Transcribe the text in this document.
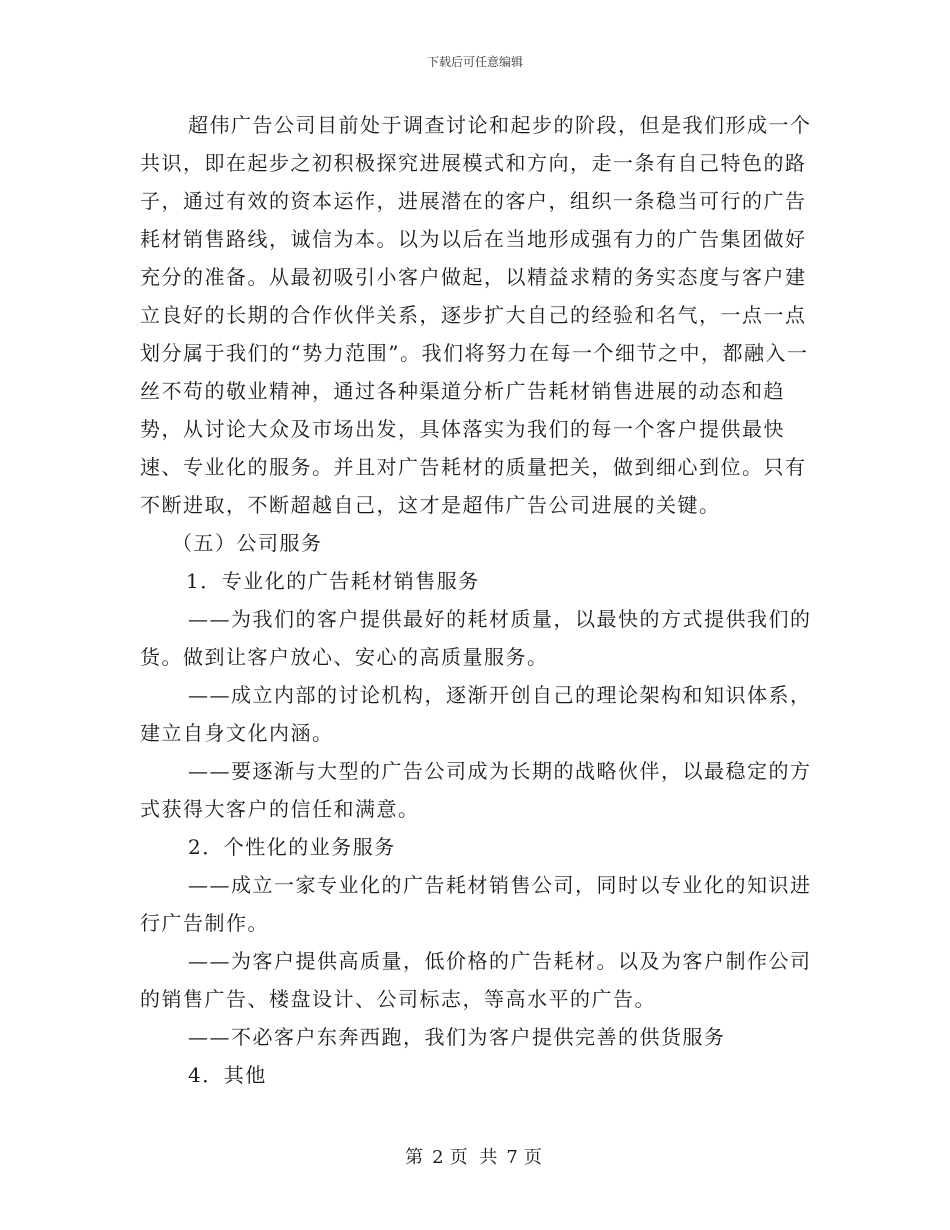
下载后可任意编辑

超伟广告公司目前处于调查讨论和起步的阶段，但是我们形成一个共识，即在起步之初积极探究进展模式和方向，走一条有自己特色的路子，通过有效的资本运作，进展潜在的客户，组织一条稳当可行的广告耗材销售路线，诚信为本。以为以后在当地形成强有力的广告集团做好充分的准备。从最初吸引小客户做起，以精益求精的务实态度与客户建立良好的长期的合作伙伴关系，逐步扩大自己的经验和名气，一点一点划分属于我们的“势力范围”。我们将努力在每一个细节之中，都融入一丝不苟的敬业精神，通过各种渠道分析广告耗材销售进展的动态和趋势，从讨论大众及市场出发，具体落实为我们的每一个客户提供最快速、专业化的服务。并且对广告耗材的质量把关，做到细心到位。只有不断进取，不断超越自己，这才是超伟广告公司进展的关键。

（五）公司服务

1．专业化的广告耗材销售服务

——为我们的客户提供最好的耗材质量，以最快的方式提供我们的货。做到让客户放心、安心的高质量服务。

——成立内部的讨论机构，逐渐开创自己的理论架构和知识体系，建立自身文化内涵。

——要逐渐与大型的广告公司成为长期的战略伙伴，以最稳定的方式获得大客户的信任和满意。

2．个性化的业务服务

——成立一家专业化的广告耗材销售公司，同时以专业化的知识进行广告制作。

——为客户提供高质量，低价格的广告耗材。以及为客户制作公司的销售广告、楼盘设计、公司标志，等高水平的广告。

——不必客户东奔西跑，我们为客户提供完善的供货服务

4．其他

第 2 页 共 7 页
